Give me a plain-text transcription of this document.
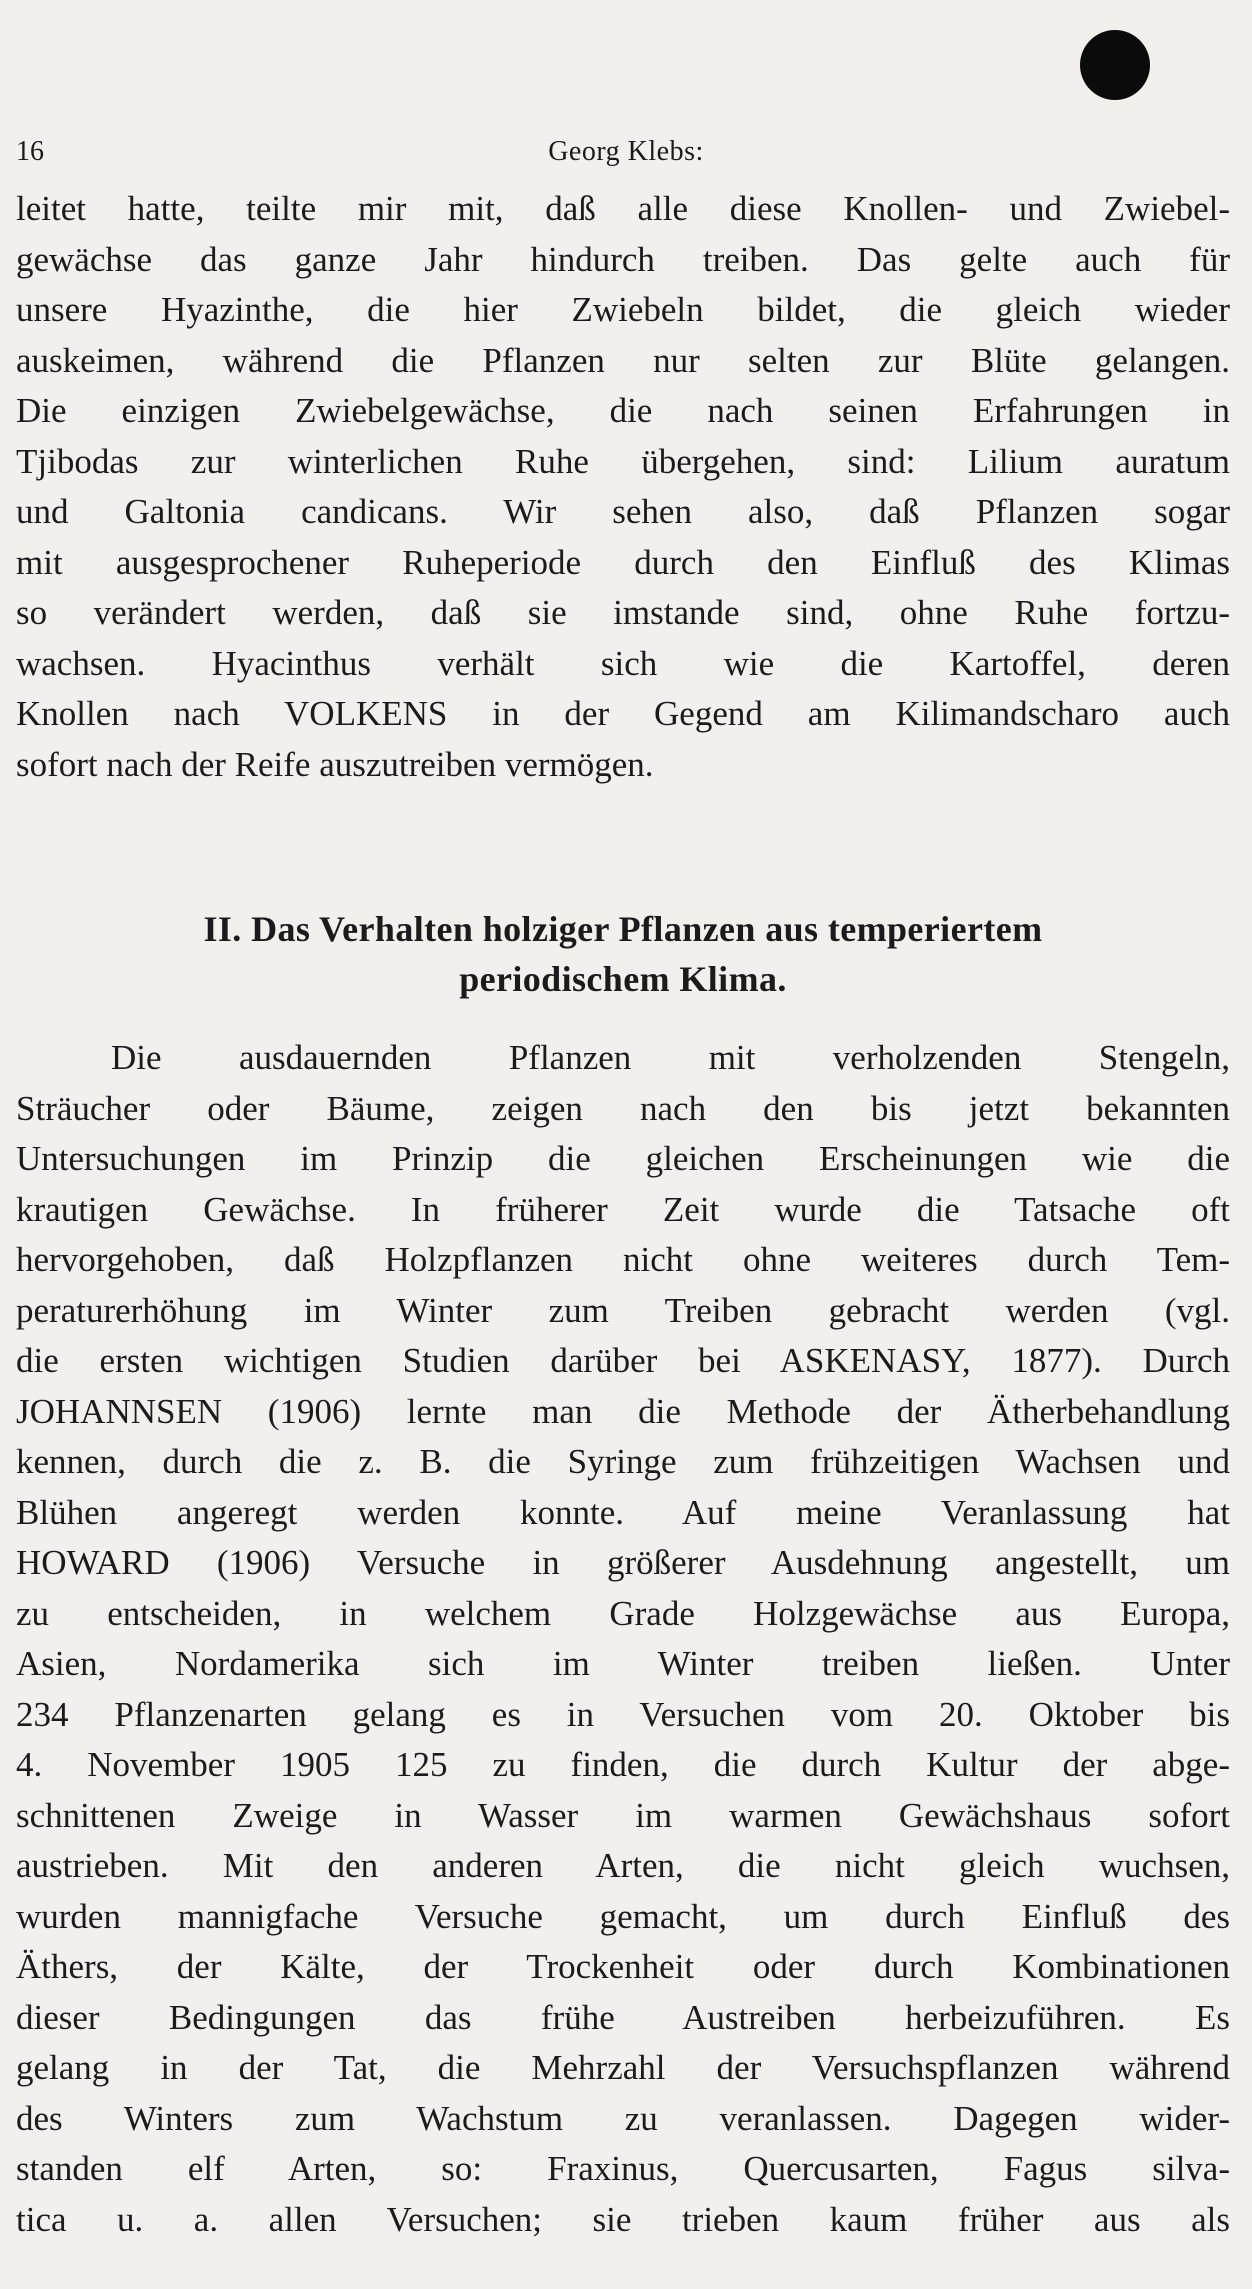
16	Georg Klebs:
leitet hatte, teilte mir mit, daß alle diese Knollen- und Zwiebel-
gewächse das ganze Jahr hindurch treiben. Das gelte auch für
unsere Hyazinthe, die hier Zwiebeln bildet, die gleich wieder
auskeimen, während die Pflanzen nur selten zur Blüte gelangen.
Die einzigen Zwiebelgewächse, die nach seinen Erfahrungen in
Tjibodas zur winterlichen Ruhe übergehen, sind: Lilium auratum
und Galtonia candicans. Wir sehen also, daß Pflanzen sogar
mit ausgesprochener Ruheperiode durch den Einfluß des Klimas
so verändert werden, daß sie imstande sind, ohne Ruhe fortzu-
wachsen. Hyacinthus verhält sich wie die Kartoffel, deren
Knollen nach VOLKENS in der Gegend am Kilimandscharo auch
sofort nach der Reife auszutreiben vermögen.
II. Das Verhalten holziger Pflanzen aus temperiertem
periodischem Klima.
Die ausdauernden Pflanzen mit verholzenden Stengeln,
Sträucher oder Bäume, zeigen nach den bis jetzt bekannten
Untersuchungen im Prinzip die gleichen Erscheinungen wie die
krautigen Gewächse. In früherer Zeit wurde die Tatsache oft
hervorgehoben, daß Holzpflanzen nicht ohne weiteres durch Tem-
peraturerhöhung im Winter zum Treiben gebracht werden (vgl.
die ersten wichtigen Studien darüber bei ASKENASY, 1877). Durch
JOHANNSEN (1906) lernte man die Methode der Ätherbehandlung
kennen, durch die z. B. die Syringe zum frühzeitigen Wachsen und
Blühen angeregt werden konnte. Auf meine Veranlassung hat
HOWARD (1906) Versuche in größerer Ausdehnung angestellt, um
zu entscheiden, in welchem Grade Holzgewächse aus Europa,
Asien, Nordamerika sich im Winter treiben ließen. Unter
234 Pflanzenarten gelang es in Versuchen vom 20. Oktober bis
4. November 1905 125 zu finden, die durch Kultur der abge-
schnittenen Zweige in Wasser im warmen Gewächshaus sofort
austrieben. Mit den anderen Arten, die nicht gleich wuchsen,
wurden mannigfache Versuche gemacht, um durch Einfluß des
Äthers, der Kälte, der Trockenheit oder durch Kombinationen
dieser Bedingungen das frühe Austreiben herbeizuführen. Es
gelang in der Tat, die Mehrzahl der Versuchspflanzen während
des Winters zum Wachstum zu veranlassen. Dagegen wider-
standen elf Arten, so: Fraxinus, Quercusarten, Fagus silva-
tica u. a. allen Versuchen; sie trieben kaum früher aus als
